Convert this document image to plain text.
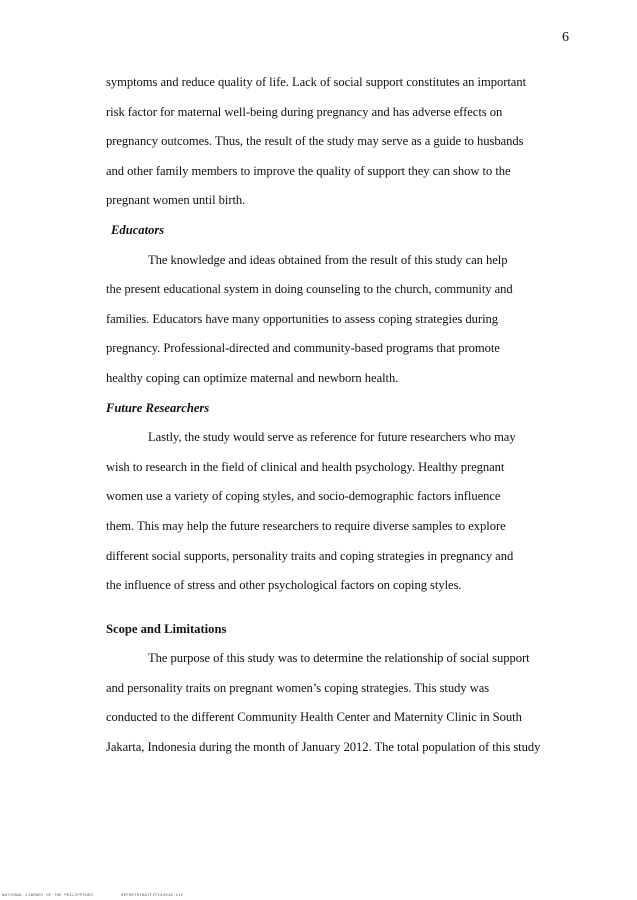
6
symptoms and reduce quality of life. Lack of social support constitutes an important
risk factor for maternal well-being during pregnancy and has adverse effects on
pregnancy outcomes. Thus, the result of the study may serve as a guide to husbands
and other family members to improve the quality of support they can show to the
pregnant women until birth.
Educators
The knowledge and ideas obtained from the result of this study can help
the present educational system in doing counseling to the church, community and
families. Educators have many opportunities to assess coping strategies during
pregnancy. Professional-directed and community-based programs that promote
healthy coping can optimize maternal and newborn health.
Future Researchers
Lastly, the study would serve as reference for future researchers who may
wish to research in the field of clinical and health psychology. Healthy pregnant
women use a variety of coping styles, and socio-demographic factors influence
them. This may help the future researchers to require diverse samples to explore
different social supports, personality traits and coping strategies in pregnancy and
the influence of stress and other psychological factors on coping styles.
Scope and Limitations
The purpose of this study was to determine the relationship of social support
and personality traits on pregnant women’s coping strategies. This study was
conducted to the different Community Health Center and Maternity Clinic in South
Jakarta, Indonesia during the month of January 2012. The total population of this study
NATIONAL LIBRARY OF THE PHILIPPINES	REPORTSTRATTIFI44010.tif
